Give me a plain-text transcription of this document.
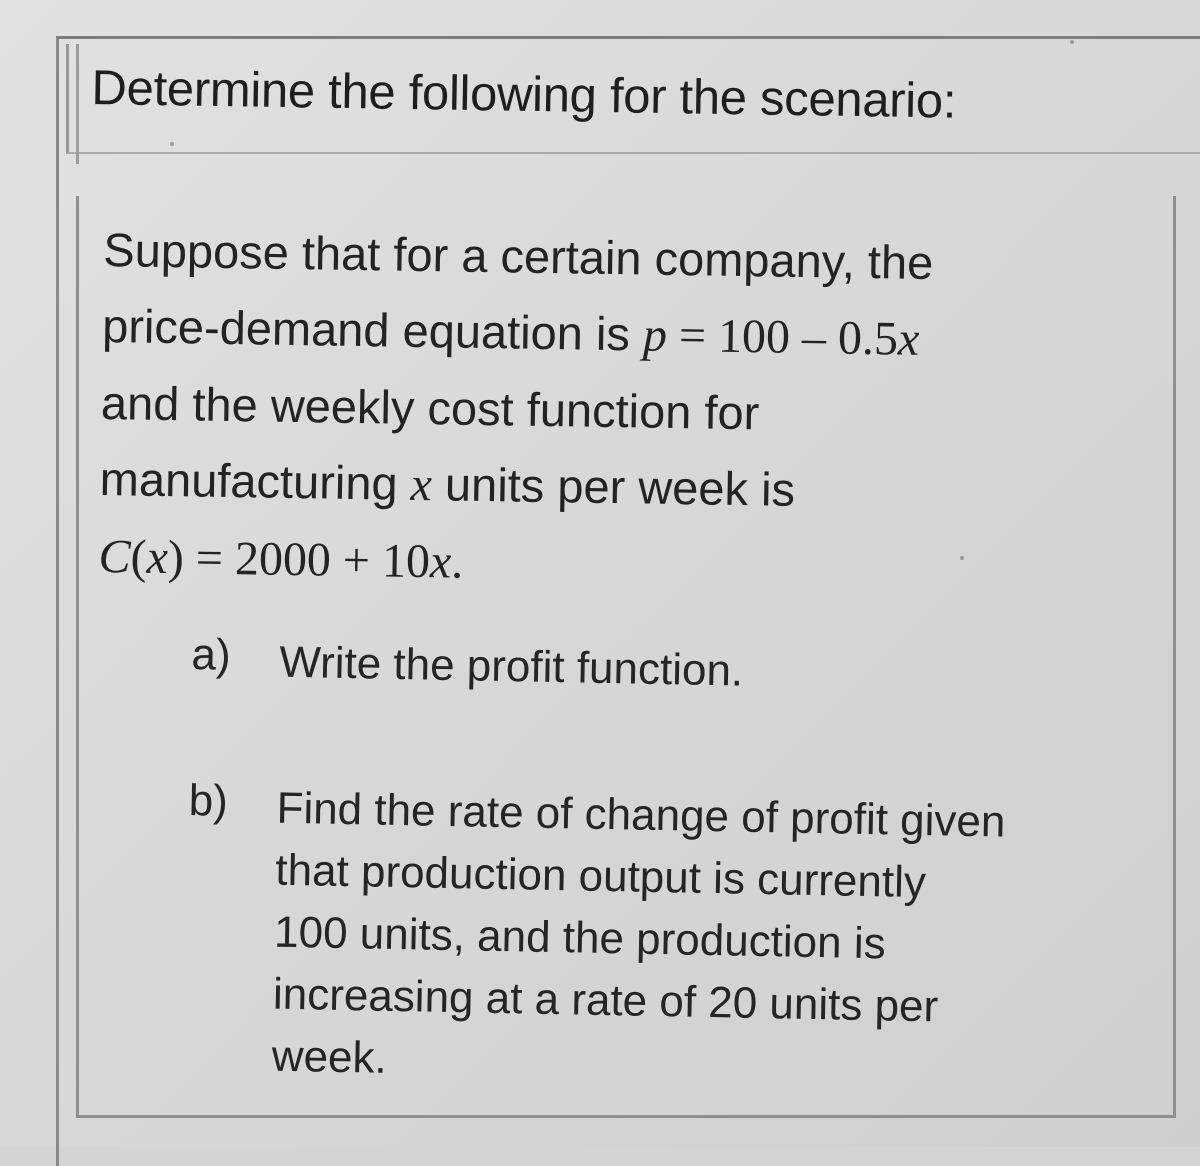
Determine the following for the scenario:
Suppose that for a certain company, the
price-demand equation is p = 100 – 0.5x
and the weekly cost function for
manufacturing x units per week is
C(x) = 2000 + 10x.
a)	Write the profit function.
b)	Find the rate of change of profit given
that production output is currently
100 units, and the production is
increasing at a rate of 20 units per
week.
